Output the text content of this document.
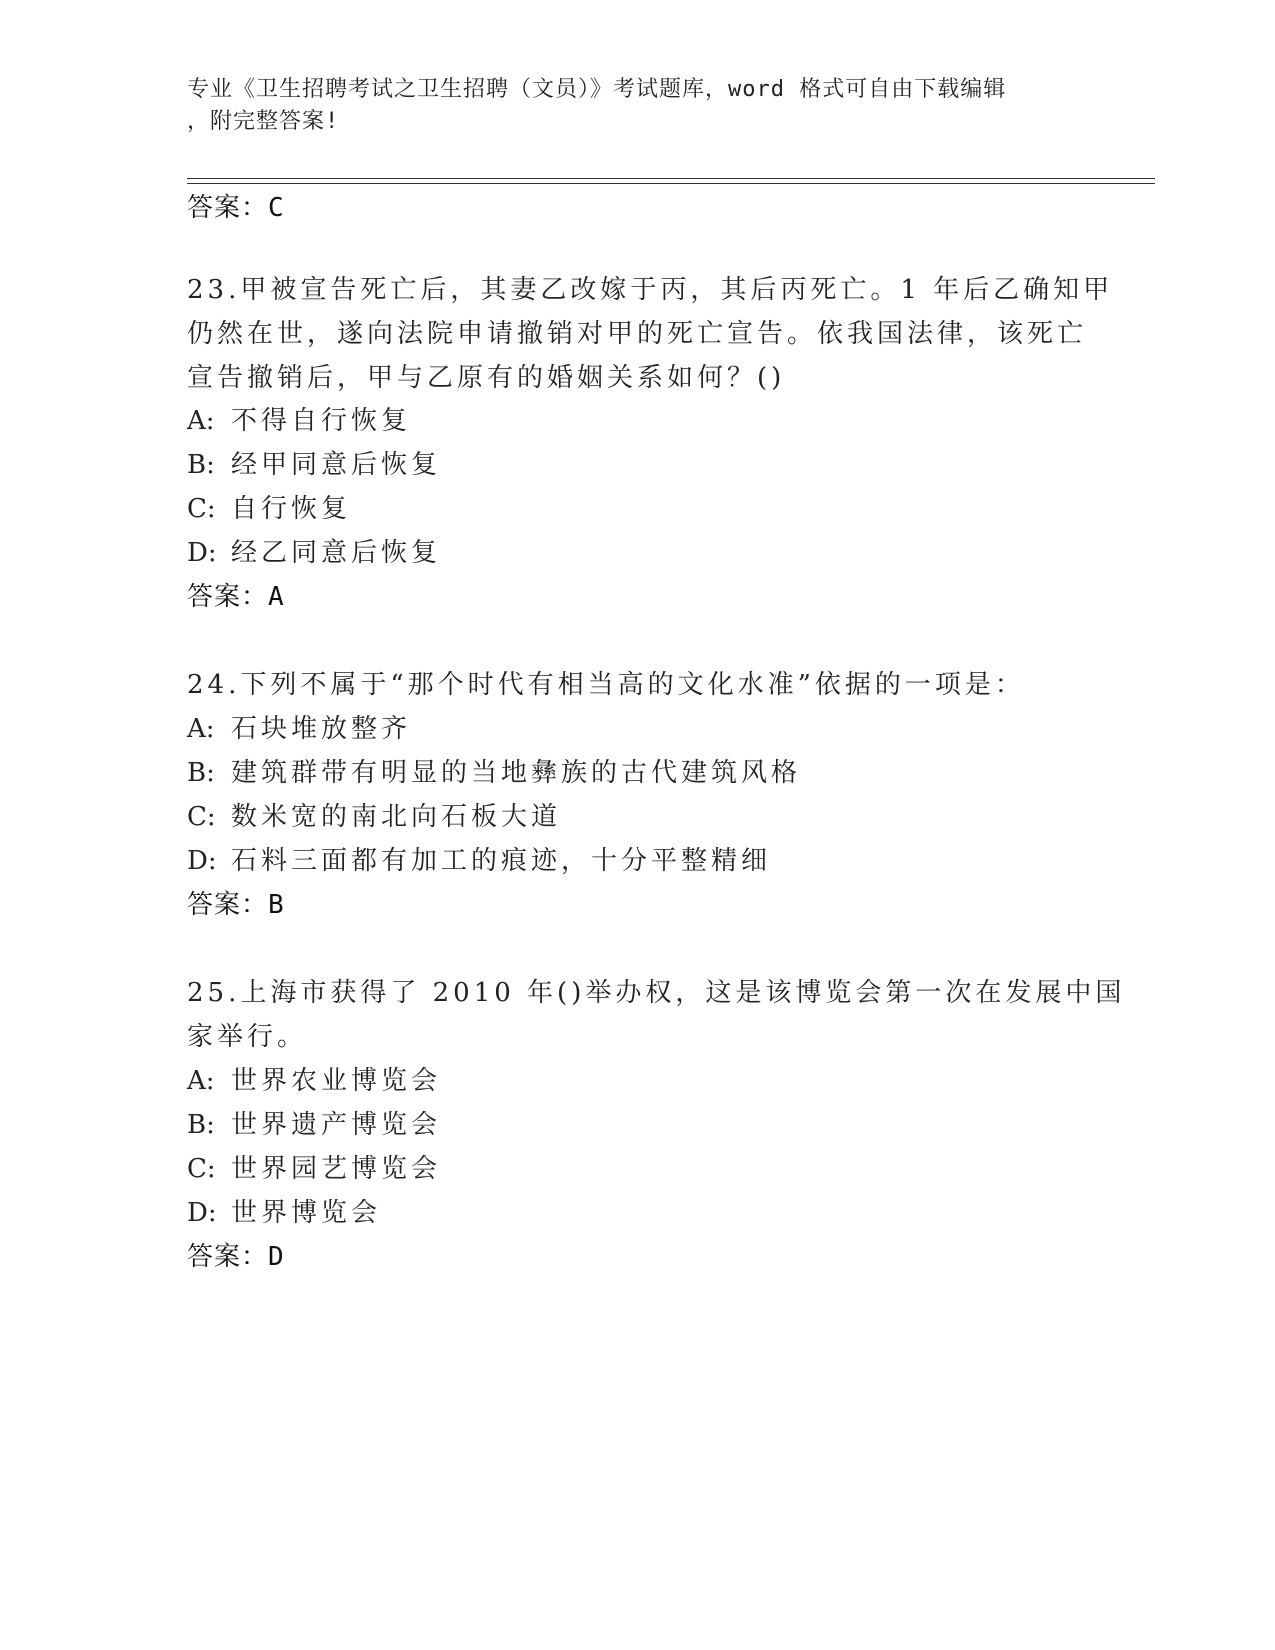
专业《卫生招聘考试之卫生招聘（文员）》考试题库，word 格式可自由下载编辑
，附完整答案!
答案：C
23.甲被宣告死亡后，其妻乙改嫁于丙，其后丙死亡。1 年后乙确知甲
仍然在世，遂向法院申请撤销对甲的死亡宣告。依我国法律，该死亡
宣告撤销后，甲与乙原有的婚姻关系如何？()
A: 不得自行恢复
B: 经甲同意后恢复
C: 自行恢复
D: 经乙同意后恢复
答案：A
24.下列不属于“那个时代有相当高的文化水准”依据的一项是：
A: 石块堆放整齐
B: 建筑群带有明显的当地彝族的古代建筑风格
C: 数米宽的南北向石板大道
D: 石料三面都有加工的痕迹，十分平整精细
答案：B
25.上海市获得了 2010 年()举办权，这是该博览会第一次在发展中国
家举行。
A: 世界农业博览会
B: 世界遗产博览会
C: 世界园艺博览会
D: 世界博览会
答案：D
